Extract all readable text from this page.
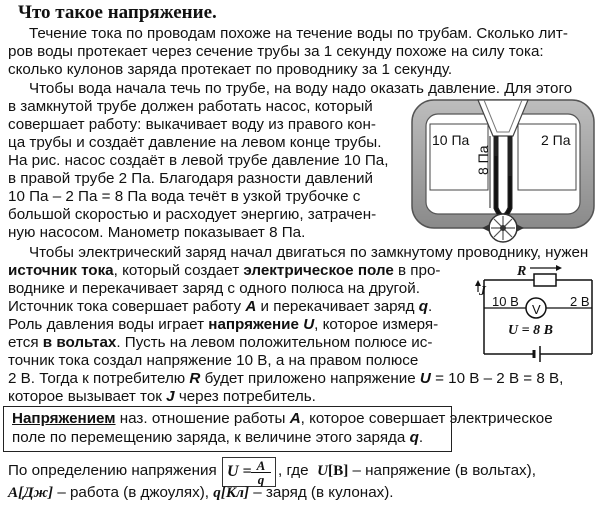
Что такое напряжение.
Течение тока по проводам похоже на течение воды по трубам. Сколько лит-
ров воды протекает через сечение трубы за 1 секунду похоже на силу тока:
сколько кулонов заряда протекает по проводнику за 1 секунду.
Чтобы вода начала течь по трубе, на воду надо оказать давление. Для этого
в замкнутой трубе должен работать насос, который
совершает работу: выкачивает воду из правого кон-
ца трубы и создаёт давление на левом конце трубы.
На рис. насос создаёт в левой трубе давление 10 Па,
в правой трубе 2 Па. Благодаря разности давлений
10 Па – 2 Па = 8 Па вода течёт в узкой трубочке с
большой скоростью и расходует энергию, затрачен-
ную насосом. Манометр показывает 8 Па.
10 Па	2 Па
8 Па
Чтобы электрический заряд начал двигаться по замкнутому проводнику, нужен
источник тока, который создает электрическое поле в про-
воднике и перекачивает заряд с одного полюса на другой.
Источник тока совершает работу A и перекачивает заряд q.
Роль давления воды играет напряжение U, которое измеря-
ется в вольтах. Пусть на левом положительном полюсе ис-
точник тока создал напряжение 10 В, а на правом полюсе
2 В. Тогда к потребителю R будет приложено напряжение U = 10 В – 2 В = 8 В,
которое вызывает ток J через потребитель.
R
J
10 В	2 В
V
U = 8 В
Напряжением наз. отношение работы A, которое совершает электрическое
поле по перемещению заряда, к величине этого заряда q.
По определению напряжения $U = \frac{A}{q}$ , где U[В] – напряжение (в вольтах),
A[Дж] – работа (в джоулях), q[Кл] – заряд (в кулонах).
